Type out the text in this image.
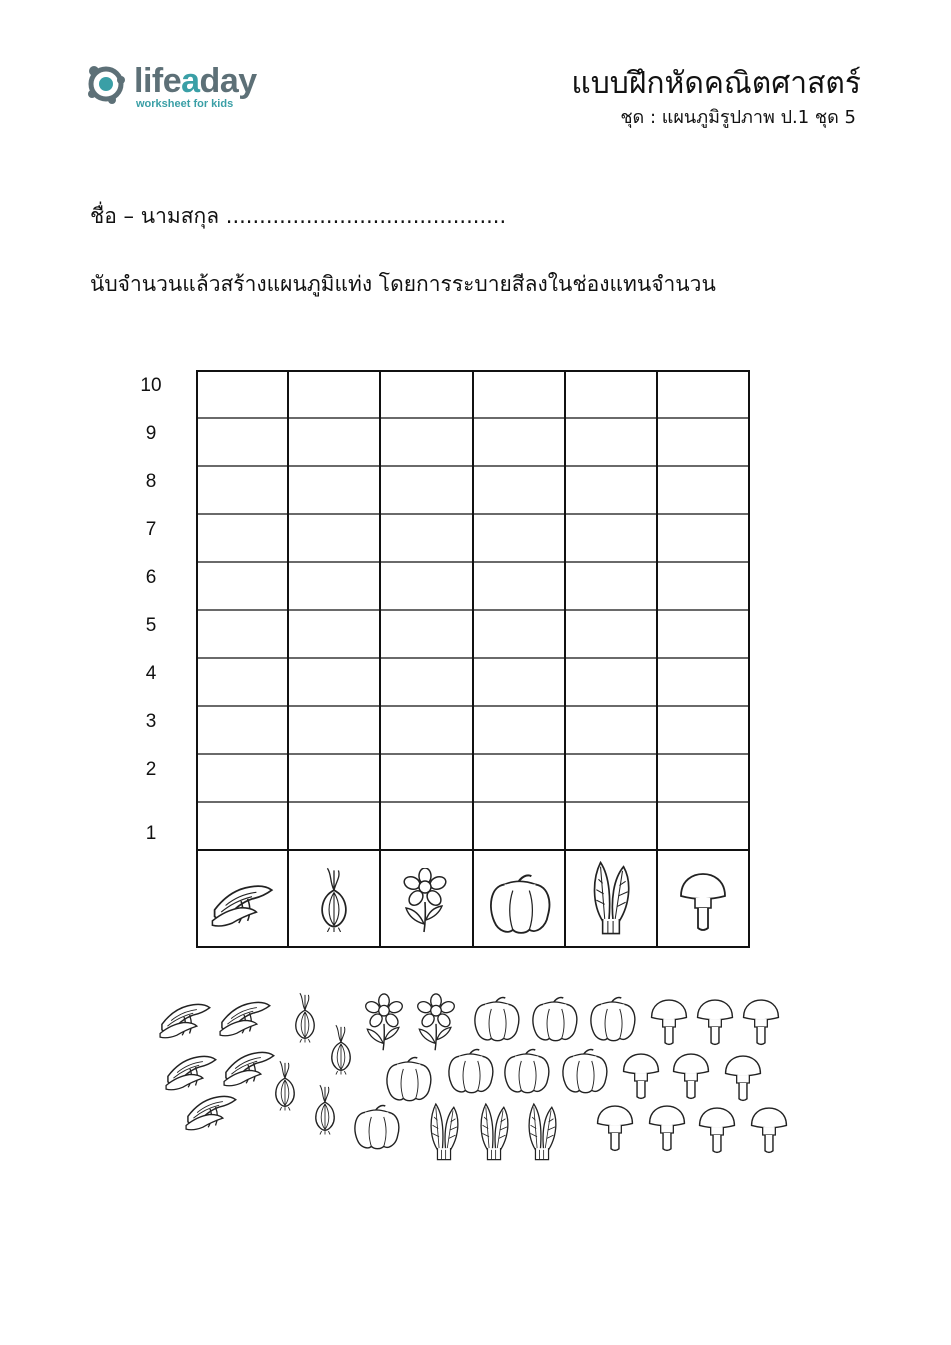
lifeaday
worksheet for kids
แบบฝึกหัดคณิตศาสตร์
ชุด : แผนภูมิรูปภาพ ป.1 ชุด 5
ชื่อ – นามสกุล ..........................................
นับจำนวนแล้วสร้างแผนภูมิแท่ง โดยการระบายสีลงในช่องแทนจำนวน
10
9
8
7
6
5
4
3
2
1
